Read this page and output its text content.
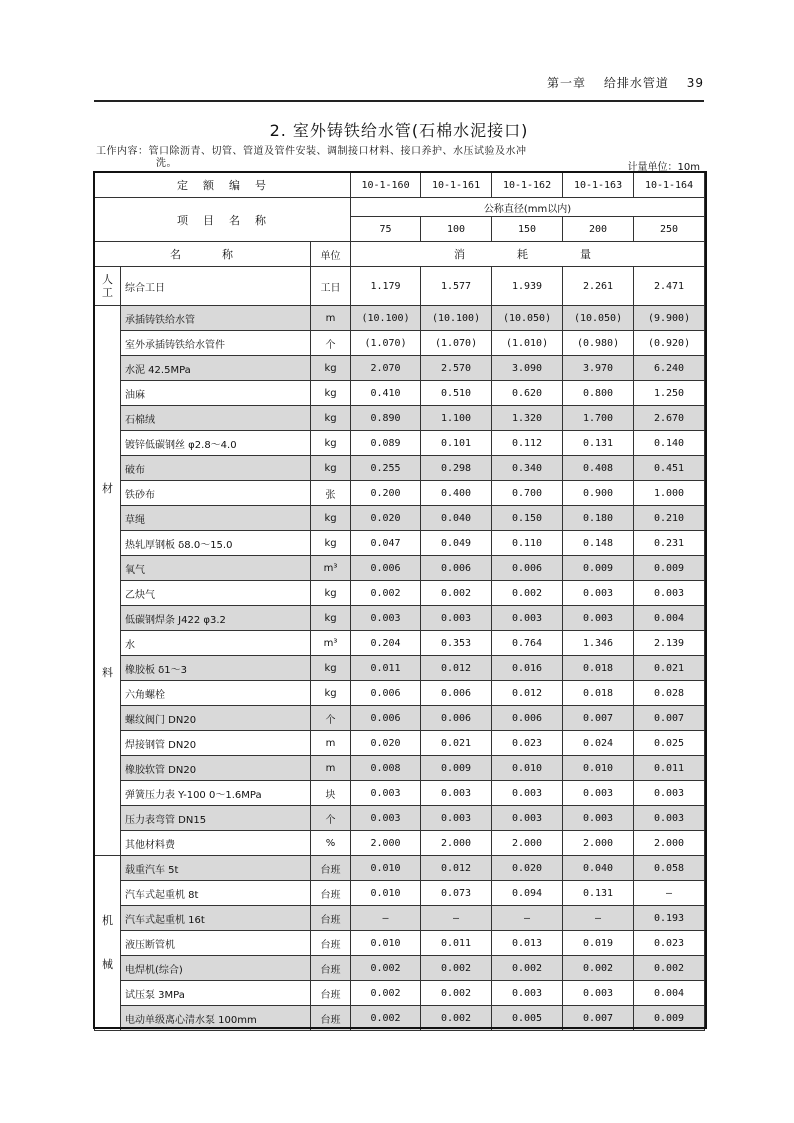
第一章 给排水管道 39
2. 室外铸铁给水管(石棉水泥接口)
工作内容：管口除沥青、切管、管道及管件安装、调制接口材料、接口养护、水压试验及水冲
洗。	计量单位：10m
定　额　编　号			10-1-160	10-1-161	10-1-162	10-1-163	10-1-164
项　目　名　称			公称直径(mm以内)				
			75	100	150	200	250
名　　　称		单位	消　　耗　　量				
人工	综合工日	工日	1.179	1.577	1.939	2.261	2.471

材
料	承插铸铁给水管	m	(10.100)	(10.100)	(10.050)	(10.050)	(9.900)
	室外承插铸铁给水管件	个	(1.070)	(1.070)	(1.010)	(0.980)	(0.920)
	水泥 42.5MPa	kg	2.070	2.570	3.090	3.970	6.240
	油麻	kg	0.410	0.510	0.620	0.800	1.250
	石棉绒	kg	0.890	1.100	1.320	1.700	2.670
	镀锌低碳钢丝 φ2.8～4.0	kg	0.089	0.101	0.112	0.131	0.140
	破布	kg	0.255	0.298	0.340	0.408	0.451
	铁砂布	张	0.200	0.400	0.700	0.900	1.000
	草绳	kg	0.020	0.040	0.150	0.180	0.210
	热轧厚钢板 δ8.0～15.0	kg	0.047	0.049	0.110	0.148	0.231
	氧气	m³	0.006	0.006	0.006	0.009	0.009
	乙炔气	kg	0.002	0.002	0.002	0.003	0.003
	低碳钢焊条 J422 φ3.2	kg	0.003	0.003	0.003	0.003	0.004
	水	m³	0.204	0.353	0.764	1.346	2.139
	橡胶板 δ1～3	kg	0.011	0.012	0.016	0.018	0.021
	六角螺栓	kg	0.006	0.006	0.012	0.018	0.028
	螺纹阀门 DN20	个	0.006	0.006	0.006	0.007	0.007
	焊接钢管 DN20	m	0.020	0.021	0.023	0.024	0.025
	橡胶软管 DN20	m	0.008	0.009	0.010	0.010	0.011
	弹簧压力表 Y-100 0～1.6MPa	块	0.003	0.003	0.003	0.003	0.003
	压力表弯管 DN15	个	0.003	0.003	0.003	0.003	0.003
	其他材料费	%	2.000	2.000	2.000	2.000	2.000

机
械	载重汽车 5t	台班	0.010	0.012	0.020	0.040	0.058
	汽车式起重机 8t	台班	0.010	0.073	0.094	0.131	—
	汽车式起重机 16t	台班	—	—	—	—	0.193
	液压断管机	台班	0.010	0.011	0.013	0.019	0.023
	电焊机(综合)	台班	0.002	0.002	0.002	0.002	0.002
	试压泵 3MPa	台班	0.002	0.002	0.003	0.003	0.004
	电动单级离心清水泵 100mm	台班	0.002	0.002	0.005	0.007	0.009
